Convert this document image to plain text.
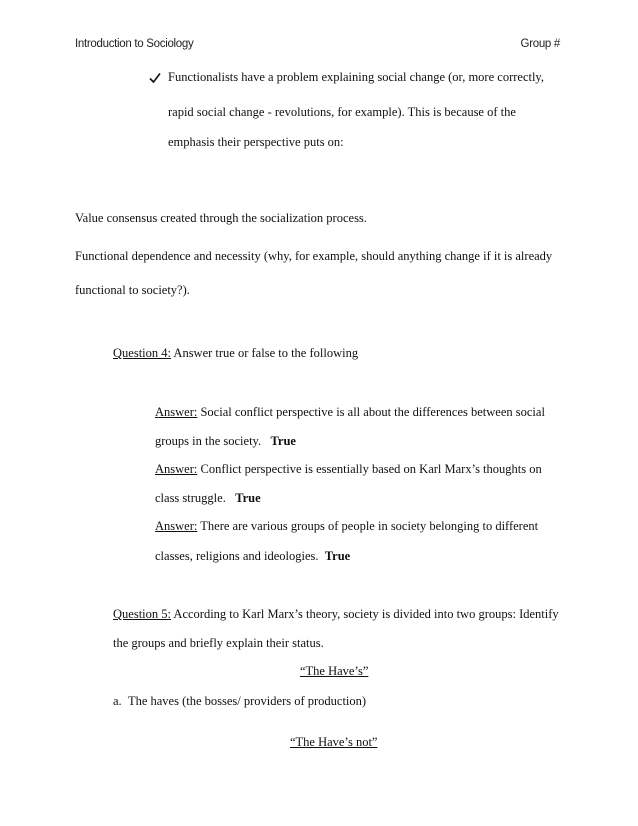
Introduction to Sociology	Group #
Functionalists have a problem explaining social change (or, more correctly,
rapid social change - revolutions, for example). This is because of the
emphasis their perspective puts on:
Value consensus created through the socialization process.
Functional dependence and necessity (why, for example, should anything change if it is already
functional to society?).
Question 4: Answer true or false to the following
Answer: Social conflict perspective is all about the differences between social
groups in the society. True
Answer: Conflict perspective is essentially based on Karl Marx’s thoughts on
class struggle. True
Answer: There are various groups of people in society belonging to different
classes, religions and ideologies. True
Question 5: According to Karl Marx’s theory, society is divided into two groups: Identify
the groups and briefly explain their status.
“The Have’s”
a. The haves (the bosses/ providers of production)
“The Have’s not”
